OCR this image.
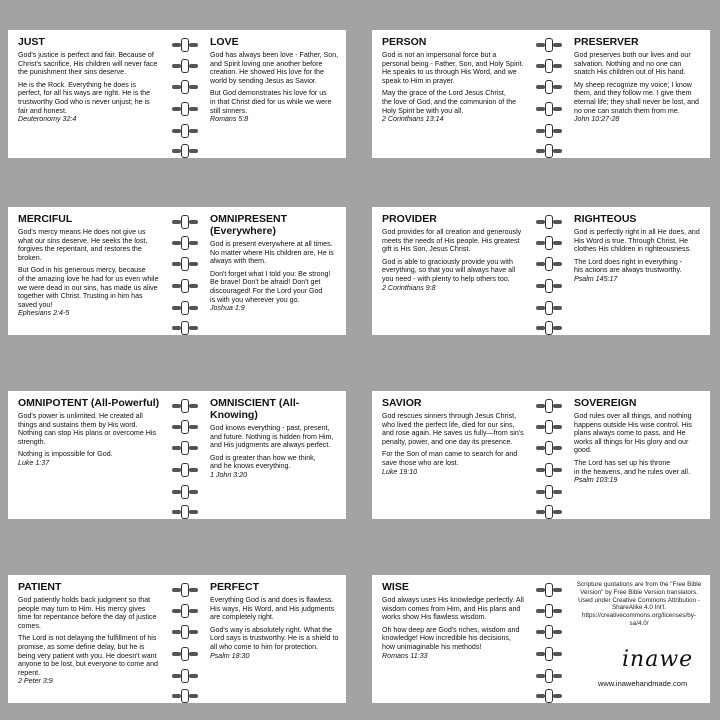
JUST
God's justice is perfect and fair. Because of Christ's sacrifice, His children will never face the punishment their sins deserve.
He is the Rock. Everything he does is perfect, for all his ways are right. He is the trustworthy God who is never unjust; he is fair and honest.
Deuteronomy 32:4
LOVE
God has always been love - Father, Son, and Spirit loving one another before creation. He showed His love for the world by sending Jesus as Savior.
But God demonstrates his love for us
in that Christ died for us while we were
still sinners.
Romans 5:8
PERSON
God is not an impersonal force but a personal being - Father, Son, and Holy Spirit. He speaks to us through His Word, and we speak to Him in prayer.
May the grace of the Lord Jesus Christ,
the love of God, and the communion of the
Holy Spirit be with you all.
2 Corinthians 13:14
PRESERVER
God preserves both our lives and our salvation. Nothing and no one can snatch His children out of His hand.
My sheep recognize my voice; I know them, and they follow me. I give them eternal life; they shall never be lost, and no one can snatch them from me.
John 10:27-28
MERCIFUL
God's mercy means He does not give us what our sins deserve. He seeks the lost, forgives the repentant, and restores the broken.
But God in his generous mercy, because
of the amazing love he had for us even while
we were dead in our sins, has made us alive
together with Christ. Trusting in him has
saved you!
Ephesians 2:4-5
OMNIPRESENT (Everywhere)
God is present everywhere at all times. No matter where His children are, He is always with them.
Don't forget what I told you: Be strong!
Be brave! Don't be afraid! Don't get
discouraged! For the Lord your God
is with you wherever you go.
Joshua 1:9
PROVIDER
God provides for all creation and generously meets the needs of His people. His greatest gift is His Son, Jesus Christ.
God is able to graciously provide you with everything, so that you will always have all you need - with plenty to help others too.
2 Corinthians 9:8
RIGHTEOUS
God is perfectly right in all He does, and His Word is true. Through Christ, He clothes His children in righteousness.
The Lord does right in everything -
his actions are always trustworthy.
Psalm 145:17
OMNIPOTENT (All-Powerful)
God's power is unlimited. He created all things and sustains them by His word. Nothing can stop His plans or overcome His strength.
Nothing is impossible for God.
Luke 1:37
OMNISCIENT (All-Knowing)
God knows everything - past, present, and future. Nothing is hidden from Him, and His judgments are always perfect.
God is greater than how we think,
and he knows everything.
1 John 3:20
SAVIOR
God rescues sinners through Jesus Christ, who lived the perfect life, died for our sins, and rose again. He saves us fully—from sin's penalty, power, and one day its presence.
For the Son of man came to search for and save those who are lost.
Luke 19:10
SOVEREIGN
God rules over all things, and nothing happens outside His wise control. His plans always come to pass, and He works all things for His glory and our good.
The Lord has set up his throne
in the heavens, and he rules over all.
Psalm 103:19
PATIENT
God patiently holds back judgment so that people may turn to Him. His mercy gives time for repentance before the day of justice comes.
The Lord is not delaying the fulfillment of his promise, as some define delay, but he is being very patient with you. He doesn't want anyone to be lost, but everyone to come and repent.
2 Peter 3:9
PERFECT
Everything God is and does is flawless. His ways, His Word, and His judgments are completely right.
God's way is absolutely right. What the Lord says is trustworthy. He is a shield to all who come to him for protection.
Psalm 18:30
WISE
God always uses His knowledge perfectly. All wisdom comes from Him, and His plans and works show His flawless wisdom.
Oh how deep are God's riches, wisdom and knowledge! How incredible his decisions, how unimaginable his methods!
Romans 11:33
Scripture quotations are from the "Free Bible Version" by Free Bible Version translators. Used under Creative Commons Attribution - ShareAlike 4.0 Int'l.
https://creativecommons.org/licenses/by-sa/4.0/
inawe
www.inawehandmade.com
